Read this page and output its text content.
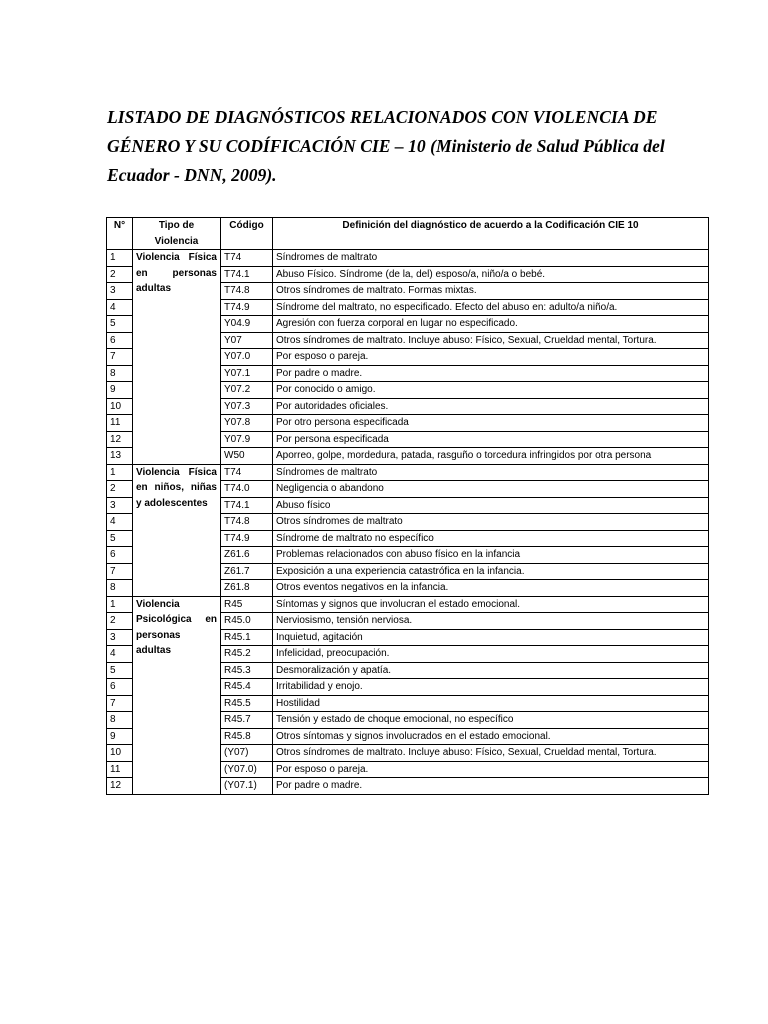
LISTADO DE DIAGNÓSTICOS RELACIONADOS CON VIOLENCIA DE GÉNERO Y SU CODÍFICACIÓN CIE – 10 (Ministerio de Salud Pública del Ecuador - DNN, 2009).
N°	Tipo de Violencia	Código	Definición del diagnóstico de acuerdo a la Codificación CIE 10
1	Violencia Física en personas adultas	T74	Síndromes de maltrato
2		T74.1	Abuso Físico. Síndrome (de la, del) esposo/a, niño/a o bebé.
3		T74.8	Otros síndromes de maltrato. Formas mixtas.
4		T74.9	Síndrome del maltrato, no especificado. Efecto del abuso en: adulto/a niño/a.
5		Y04.9	Agresión con fuerza corporal en lugar no especificado.
6		Y07	Otros síndromes de maltrato. Incluye abuso: Físico, Sexual, Crueldad mental, Tortura.
7		Y07.0	Por esposo o pareja.
8		Y07.1	Por padre o madre.
9		Y07.2	Por conocido o amigo.
10		Y07.3	Por autoridades oficiales.
11		Y07.8	Por otro persona especificada
12		Y07.9	Por persona especificada
13		W50	Aporreo, golpe, mordedura, patada, rasguño o torcedura infringidos por otra persona
1	Violencia Física en niños, niñas y adolescentes	T74	Síndromes de maltrato
2		T74.0	Negligencia o abandono
3		T74.1	Abuso físico
4		T74.8	Otros síndromes de maltrato
5		T74.9	Síndrome de maltrato no específico
6		Z61.6	Problemas relacionados con abuso físico en la infancia
7		Z61.7	Exposición a una experiencia catastrófica en la infancia.
8		Z61.8	Otros eventos negativos en la infancia.
1	Violencia Psicológica en personas adultas	R45	Síntomas y signos que involucran el estado emocional.
2		R45.0	Nerviosismo, tensión nerviosa.
3		R45.1	Inquietud, agitación
4		R45.2	Infelicidad, preocupación.
5		R45.3	Desmoralización y apatía.
6		R45.4	Irritabilidad y enojo.
7		R45.5	Hostilidad
8		R45.7	Tensión y estado de choque emocional, no específico
9		R45.8	Otros síntomas y signos involucrados en el estado emocional.
10		(Y07)	Otros síndromes de maltrato. Incluye abuso: Físico, Sexual, Crueldad mental, Tortura.
11		(Y07.0)	Por esposo o pareja.
12		(Y07.1)	Por padre o madre.
